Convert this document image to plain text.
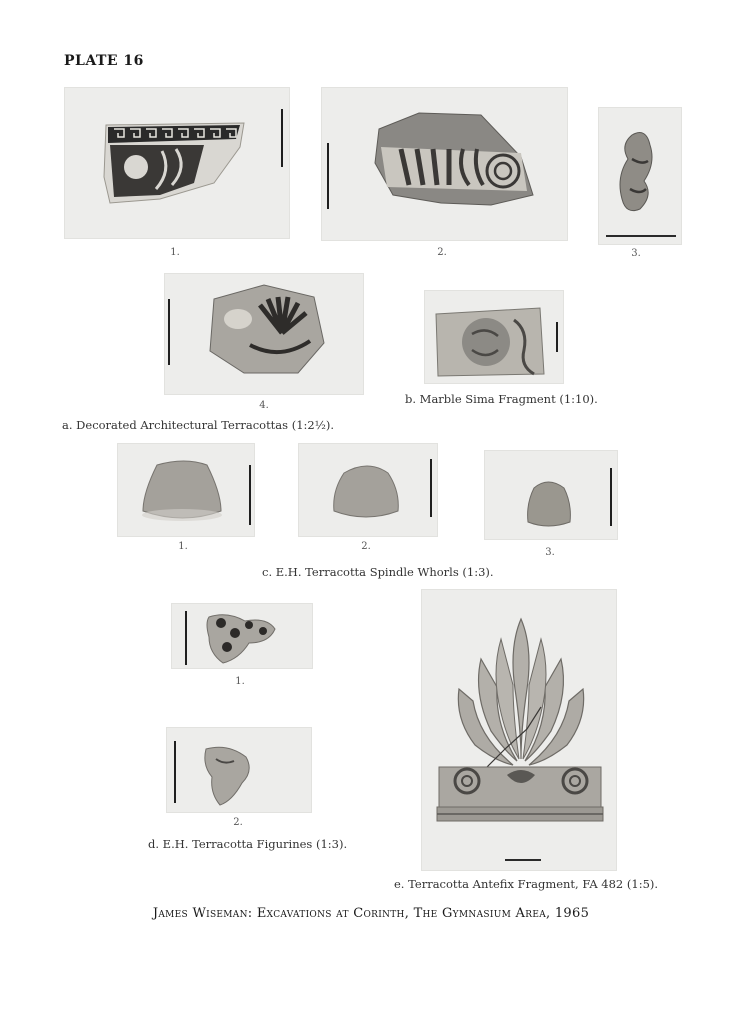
PLATE 16
1.	2.	3.
4.	b. Marble Sima Fragment (1:10).
a. Decorated Architectural Terracottas (1:2½).
1.	2.
3.
c. E.H. Terracotta Spindle Whorls (1:3).
1.
2.
d. E.H. Terracotta Figurines (1:3).
e. Terracotta Antefix Fragment, FA 482 (1:5).
James Wiseman: Excavations at Corinth, The Gymnasium Area, 1965
